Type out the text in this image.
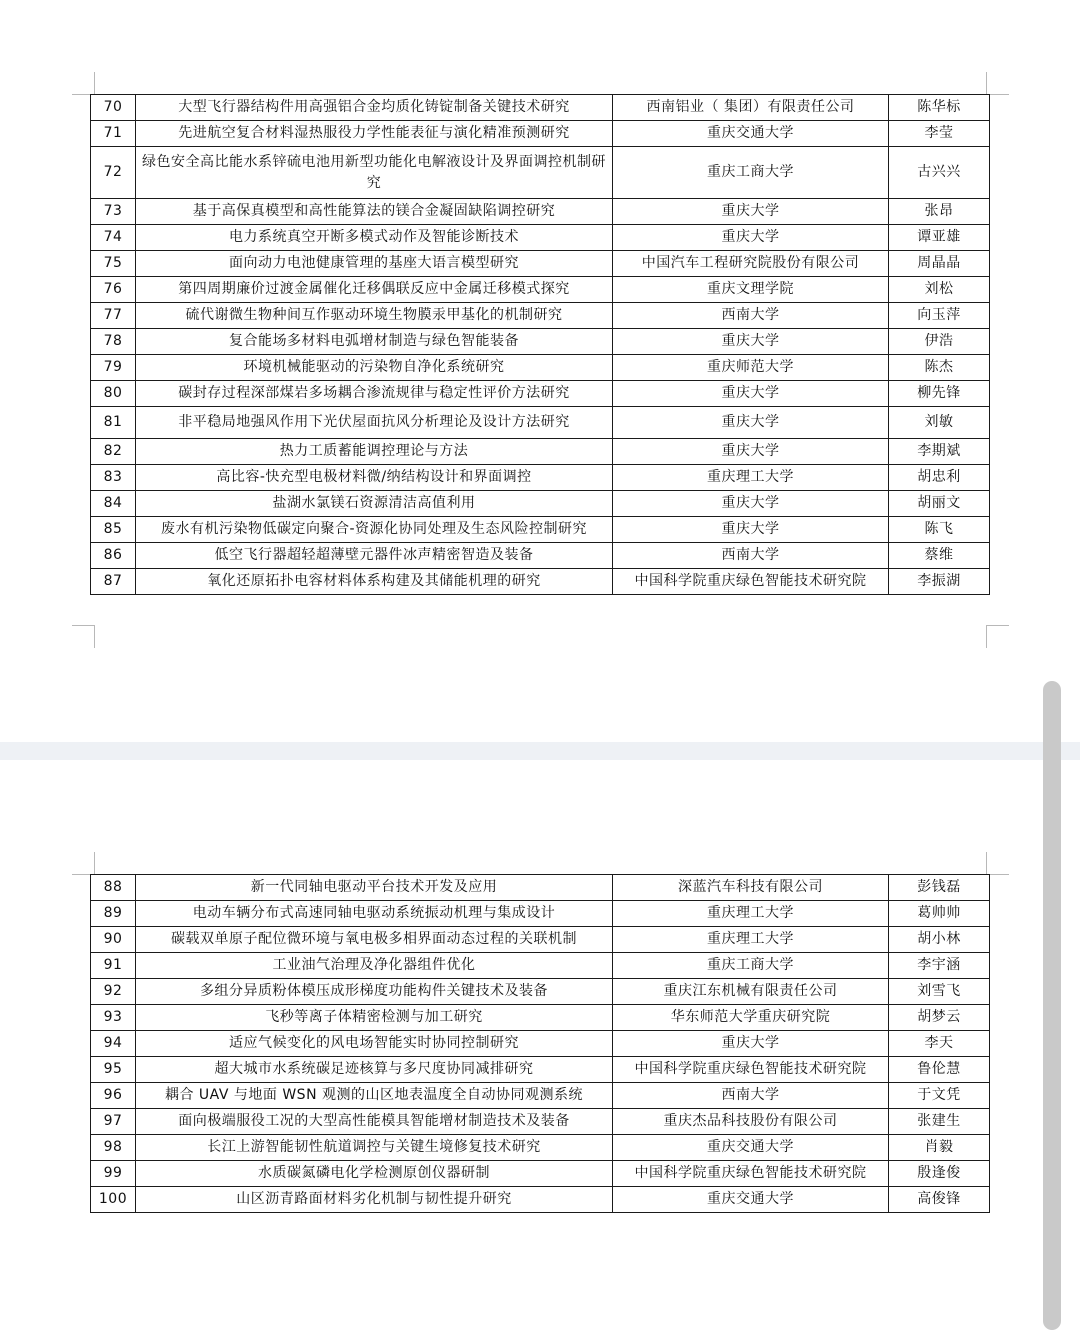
70	大型飞行器结构件用高强铝合金均质化铸锭制备关键技术研究	西南铝业（ 集团）有限责任公司	陈华标
71	先进航空复合材料湿热服役力学性能表征与演化精准预测研究	重庆交通大学	李莹
72	绿色安全高比能水系锌硫电池用新型功能化电解液设计及界面调控机制研究	重庆工商大学	古兴兴
73	基于高保真模型和高性能算法的镁合金凝固缺陷调控研究	重庆大学	张昂
74	电力系统真空开断多模式动作及智能诊断技术	重庆大学	谭亚雄
75	面向动力电池健康管理的基座大语言模型研究	中国汽车工程研究院股份有限公司	周晶晶
76	第四周期廉价过渡金属催化迁移偶联反应中金属迁移模式探究	重庆文理学院	刘松
77	硫代谢微生物种间互作驱动环境生物膜汞甲基化的机制研究	西南大学	向玉萍
78	复合能场多材料电弧增材制造与绿色智能装备	重庆大学	伊浩
79	环境机械能驱动的污染物自净化系统研究	重庆师范大学	陈杰
80	碳封存过程深部煤岩多场耦合渗流规律与稳定性评价方法研究	重庆大学	柳先锋
81	非平稳局地强风作用下光伏屋面抗风分析理论及设计方法研究	重庆大学	刘敏
82	热力工质蓄能调控理论与方法	重庆大学	李期斌
83	高比容-快充型电极材料微/纳结构设计和界面调控	重庆理工大学	胡忠利
84	盐湖水氯镁石资源清洁高值利用	重庆大学	胡丽文
85	废水有机污染物低碳定向聚合-资源化协同处理及生态风险控制研究	重庆大学	陈飞
86	低空飞行器超轻超薄壁元器件冰声精密智造及装备	西南大学	蔡维
87	氧化还原拓扑电容材料体系构建及其储能机理的研究	中国科学院重庆绿色智能技术研究院	李振湖
88	新一代同轴电驱动平台技术开发及应用	深蓝汽车科技有限公司	彭钱磊
89	电动车辆分布式高速同轴电驱动系统振动机理与集成设计	重庆理工大学	葛帅帅
90	碳载双单原子配位微环境与氧电极多相界面动态过程的关联机制	重庆理工大学	胡小林
91	工业油气治理及净化器组件优化	重庆工商大学	李宇涵
92	多组分异质粉体模压成形梯度功能构件关键技术及装备	重庆江东机械有限责任公司	刘雪飞
93	飞秒等离子体精密检测与加工研究	华东师范大学重庆研究院	胡梦云
94	适应气候变化的风电场智能实时协同控制研究	重庆大学	李天
95	超大城市水系统碳足迹核算与多尺度协同减排研究	中国科学院重庆绿色智能技术研究院	鲁伦慧
96	耦合 UAV 与地面 WSN 观测的山区地表温度全自动协同观测系统	西南大学	于文凭
97	面向极端服役工况的大型高性能模具智能增材制造技术及装备	重庆杰品科技股份有限公司	张建生
98	长江上游智能韧性航道调控与关键生境修复技术研究	重庆交通大学	肖毅
99	水质碳氮磷电化学检测原创仪器研制	中国科学院重庆绿色智能技术研究院	殷逢俊
100	山区沥青路面材料劣化机制与韧性提升研究	重庆交通大学	高俊锋
